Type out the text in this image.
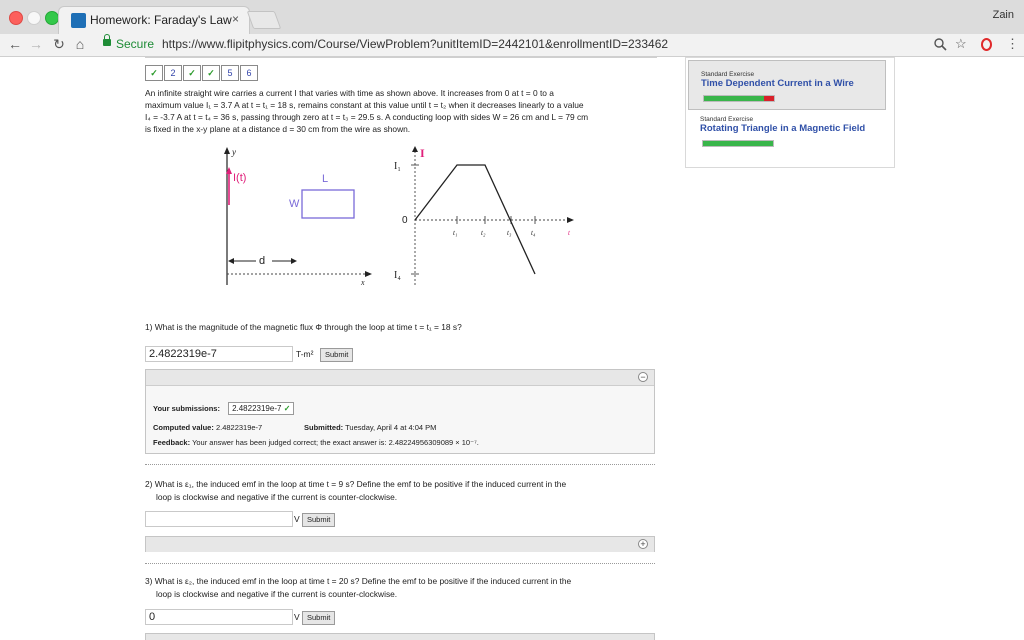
Homework: Faraday's Law ×	Zain
← → ↻ ⌂	Secure https://www.flipitphysics.com/Course/ViewProblem?unitItemID=2442101&enrollmentID=233462	☆	⋮
✓	2	✓	✓	5	6
An infinite straight wire carries a current I that varies with time as shown above. It increases from 0 at t = 0 to a
maximum value I₁ = 3.7 A at t = t₁ = 18 s, remains constant at this value until t = t₂ when it decreases linearly to a value
I₄ = -3.7 A at t = t₄ = 36 s, passing through zero at t = t₃ = 29.5 s. A conducting loop with sides W = 26 cm and L = 79 cm
is fixed in the x-y plane at a distance d = 30 cm from the wire as shown.
y
I(t)	L
W
d
x
I
I₁
0
t
I₄
t₁	t₂	t₃	t₄
1) What is the magnitude of the magnetic flux Φ through the loop at time t = t₁ = 18 s?
2.4822319e-7
T-m²	Submit
−
Your submissions: 2.4822319e-7 ✓
Computed value: 2.4822319e-7	Submitted: Tuesday, April 4 at 4:04 PM
Feedback: Your answer has been judged correct; the exact answer is: 2.48224956309089 × 10⁻⁷.
2) What is ε₁, the induced emf in the loop at time t = 9 s? Define the emf to be positive if the induced current in the
loop is clockwise and negative if the current is counter-clockwise.
V Submit
+
3) What is ε₂, the induced emf in the loop at time t = 20 s? Define the emf to be positive if the induced current in the
loop is clockwise and negative if the current is counter-clockwise.
0
V Submit
Standard Exercise
Time Dependent Current in a Wire
Standard Exercise
Rotating Triangle in a Magnetic Field
